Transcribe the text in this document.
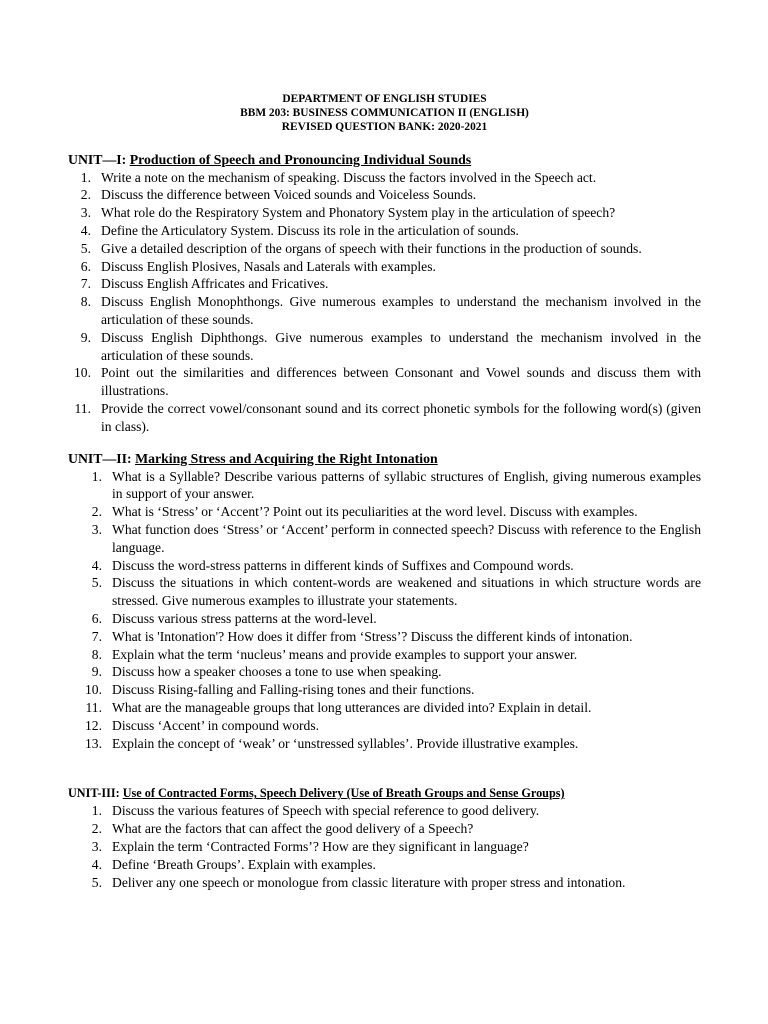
DEPARTMENT OF ENGLISH STUDIES
BBM 203: BUSINESS COMMUNICATION II (ENGLISH)
REVISED QUESTION BANK: 2020-2021
UNIT—I: Production of Speech and Pronouncing Individual Sounds
1. Write a note on the mechanism of speaking. Discuss the factors involved in the Speech act.
2. Discuss the difference between Voiced sounds and Voiceless Sounds.
3. What role do the Respiratory System and Phonatory System play in the articulation of speech?
4. Define the Articulatory System. Discuss its role in the articulation of sounds.
5. Give a detailed description of the organs of speech with their functions in the production of sounds.
6. Discuss English Plosives, Nasals and Laterals with examples.
7. Discuss English Affricates and Fricatives.
8. Discuss English Monophthongs. Give numerous examples to understand the mechanism involved in the articulation of these sounds.
9. Discuss English Diphthongs. Give numerous examples to understand the mechanism involved in the articulation of these sounds.
10. Point out the similarities and differences between Consonant and Vowel sounds and discuss them with illustrations.
11. Provide the correct vowel/consonant sound and its correct phonetic symbols for the following word(s) (given in class).
UNIT—II: Marking Stress and Acquiring the Right Intonation
1. What is a Syllable? Describe various patterns of syllabic structures of English, giving numerous examples in support of your answer.
2. What is ‘Stress’ or ‘Accent’? Point out its peculiarities at the word level. Discuss with examples.
3. What function does ‘Stress’ or ‘Accent’ perform in connected speech? Discuss with reference to the English language.
4. Discuss the word-stress patterns in different kinds of Suffixes and Compound words.
5. Discuss the situations in which content-words are weakened and situations in which structure words are stressed. Give numerous examples to illustrate your statements.
6. Discuss various stress patterns at the word-level.
7. What is 'Intonation'? How does it differ from ‘Stress’? Discuss the different kinds of intonation.
8. Explain what the term ‘nucleus’ means and provide examples to support your answer.
9. Discuss how a speaker chooses a tone to use when speaking.
10. Discuss Rising-falling and Falling-rising tones and their functions.
11. What are the manageable groups that long utterances are divided into? Explain in detail.
12. Discuss ‘Accent’ in compound words.
13. Explain the concept of ‘weak’ or ‘unstressed syllables’. Provide illustrative examples.
UNIT-III: Use of Contracted Forms, Speech Delivery (Use of Breath Groups and Sense Groups)
1. Discuss the various features of Speech with special reference to good delivery.
2. What are the factors that can affect the good delivery of a Speech?
3. Explain the term ‘Contracted Forms’? How are they significant in language?
4. Define ‘Breath Groups’. Explain with examples.
5. Deliver any one speech or monologue from classic literature with proper stress and intonation.
